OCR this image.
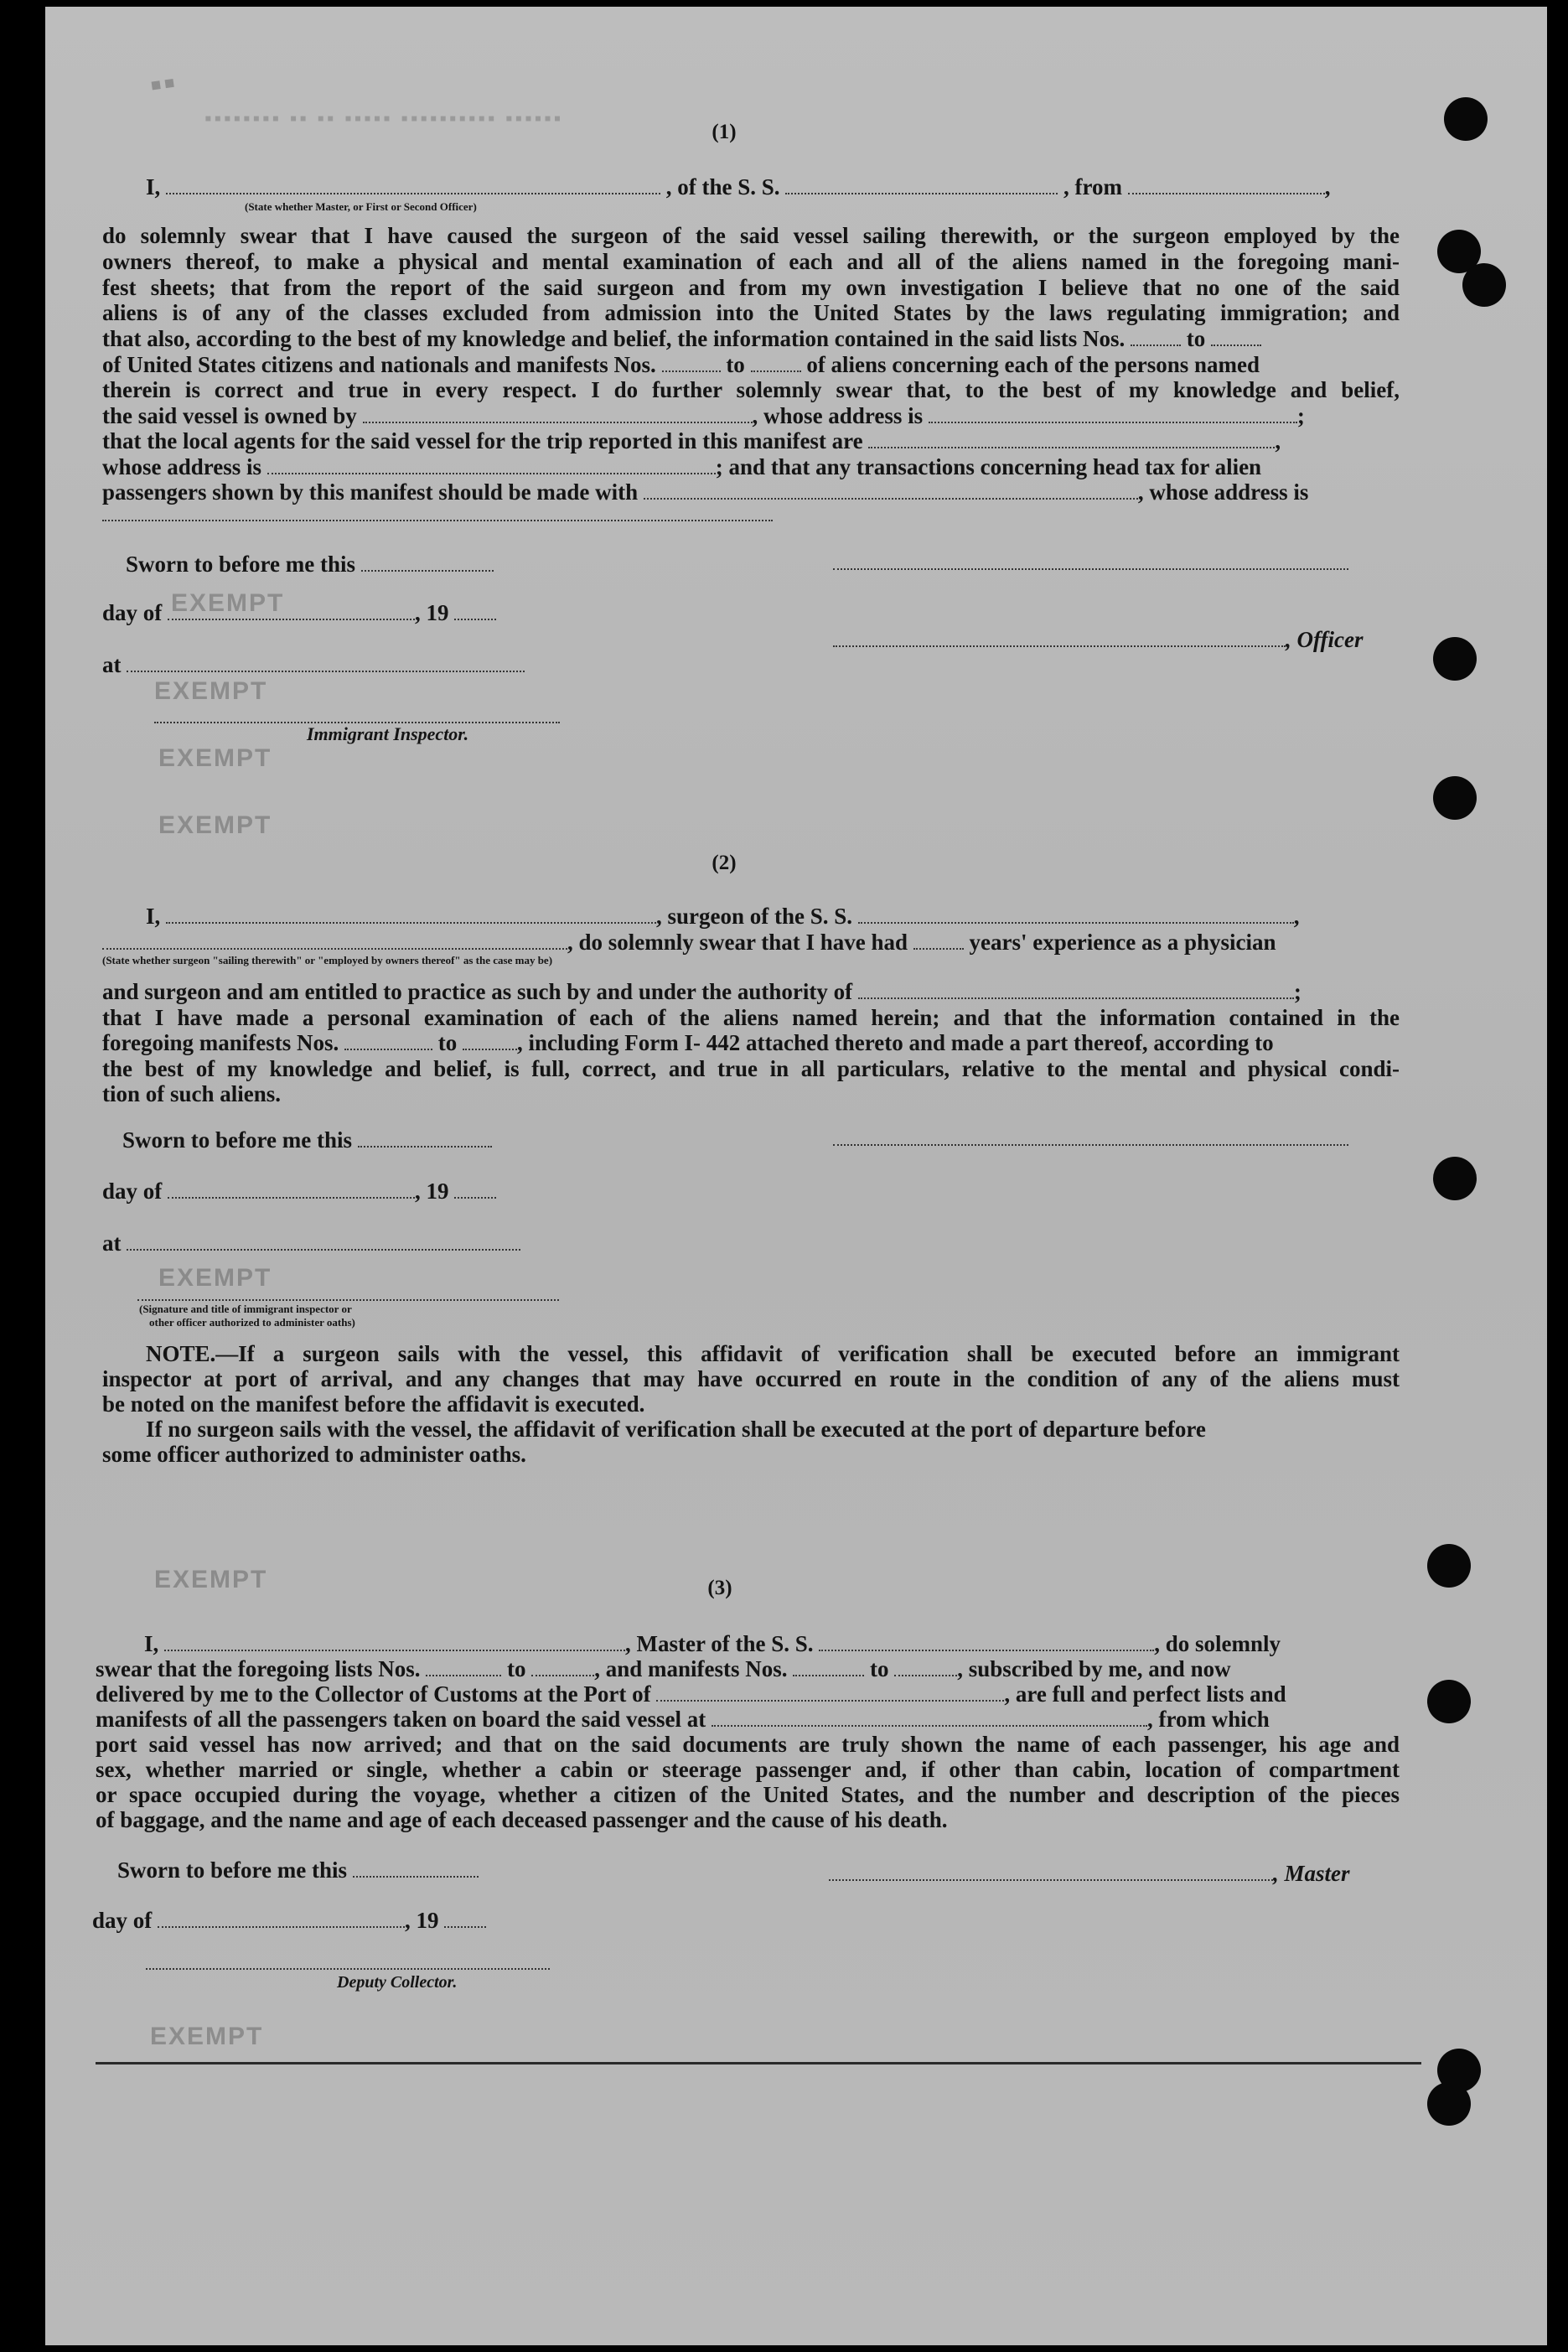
▪▪▪▪▪▪▪▪ ▪▪ ▪▪ ▪▪▪▪▪ ▪▪▪▪▪▪▪▪▪▪ ▪▪▪▪▪▪
▪▪
(1)
I,	, of the S. S.	, from	,
(State whether Master, or First or Second Officer)
do solemnly swear that I have caused the surgeon of the said vessel sailing therewith, or the surgeon employed by the
owners thereof, to make a physical and mental examination of each and all of the aliens named in the foregoing mani-
fest sheets; that from the report of the said surgeon and from my own investigation I believe that no one of the said
aliens is of any of the classes excluded from admission into the United States by the laws regulating immigration; and
that also, according to the best of my knowledge and belief, the information contained in the said lists Nos.	to
of United States citizens and nationals and manifests Nos.	to	of aliens concerning each of the persons named
therein is correct and true in every respect. I do further solemnly swear that, to the best of my knowledge and belief,
the said vessel is owned by	, whose address is	;
that the local agents for the said vessel for the trip reported in this manifest are	,
whose address is	; and that any transactions concerning head tax for alien
passengers shown by this manifest should be made with	, whose address is
Sworn to before me this
day of	, 19
EXEMPT
, Officer
at
EXEMPT
Immigrant Inspector.
EXEMPT
EXEMPT
(2)
I,	, surgeon of the S. S.	,
, do solemnly swear that I have had	years' experience as a physician
(State whether surgeon "sailing therewith" or "employed by owners thereof" as the case may be)
and surgeon and am entitled to practice as such by and under the authority of	;
that I have made a personal examination of each of the aliens named herein; and that the information contained in the
foregoing manifests Nos.	to	, including Form I- 442 attached thereto and made a part thereof, according to
the best of my knowledge and belief, is full, correct, and true in all particulars, relative to the mental and physical condi-
tion of such aliens.
Sworn to before me this
day of	, 19
at
EXEMPT
(Signature and title of immigrant inspector or
other officer authorized to administer oaths)
NOTE.—If a surgeon sails with the vessel, this affidavit of verification shall be executed before an immigrant
inspector at port of arrival, and any changes that may have occurred en route in the condition of any of the aliens must
be noted on the manifest before the affidavit is executed.
If no surgeon sails with the vessel, the affidavit of verification shall be executed at the port of departure before
some officer authorized to administer oaths.
EXEMPT	(3)
I,	, Master of the S. S.	, do solemnly
swear that the foregoing lists Nos.	to	, and manifests Nos.	to	, subscribed by me, and now
delivered by me to the Collector of Customs at the Port of	, are full and perfect lists and
manifests of all the passengers taken on board the said vessel at	, from which
port said vessel has now arrived; and that on the said documents are truly shown the name of each passenger, his age and
sex, whether married or single, whether a cabin or steerage passenger and, if other than cabin, location of compartment
or space occupied during the voyage, whether a citizen of the United States, and the number and description of the pieces
of baggage, and the name and age of each deceased passenger and the cause of his death.
Sworn to before me this	, Master
day of	, 19
Deputy Collector.
EXEMPT
